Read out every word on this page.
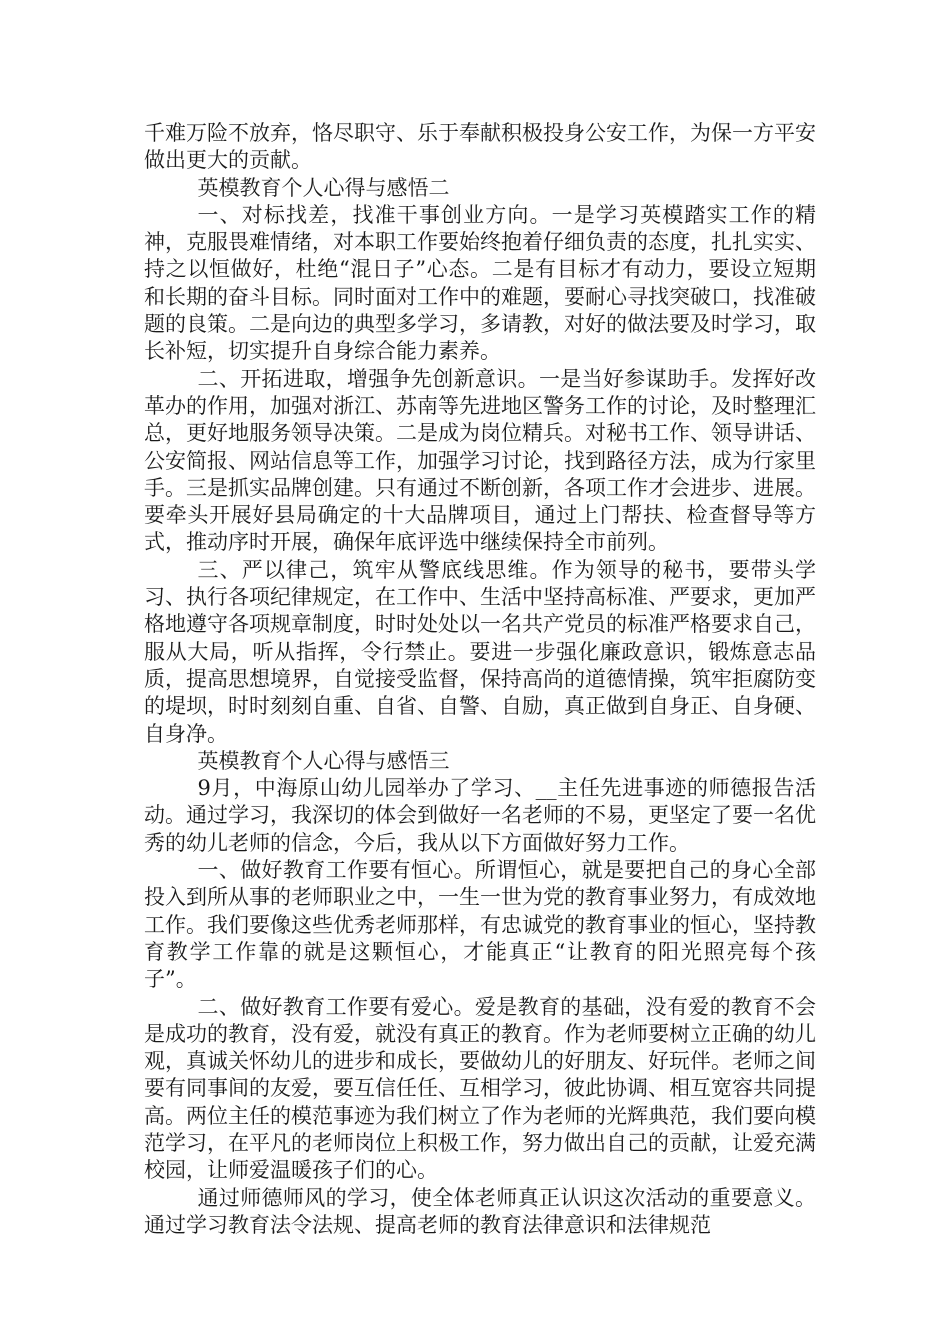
千难万险不放弃，恪尽职守、乐于奉献积极投身公安工作，为保一方平安做出更大的贡献。

英模教育个人心得与感悟二

一、对标找差，找准干事创业方向。一是学习英模踏实工作的精神，克服畏难情绪，对本职工作要始终抱着仔细负责的态度，扎扎实实、持之以恒做好，杜绝“混日子”心态。二是有目标才有动力，要设立短期和长期的奋斗目标。同时面对工作中的难题，要耐心寻找突破口，找准破题的良策。二是向边的典型多学习，多请教，对好的做法要及时学习，取长补短，切实提升自身综合能力素养。

二、开拓进取，增强争先创新意识。一是当好参谋助手。发挥好改革办的作用，加强对浙江、苏南等先进地区警务工作的讨论，及时整理汇总，更好地服务领导决策。二是成为岗位精兵。对秘书工作、领导讲话、公安简报、网站信息等工作，加强学习讨论，找到路径方法，成为行家里手。三是抓实品牌创建。只有通过不断创新，各项工作才会进步、进展。要牵头开展好县局确定的十大品牌项目，通过上门帮扶、检查督导等方式，推动序时开展，确保年底评选中继续保持全市前列。

三、严以律己，筑牢从警底线思维。作为领导的秘书，要带头学习、执行各项纪律规定，在工作中、生活中坚持高标准、严要求，更加严格地遵守各项规章制度，时时处处以一名共产党员的标准严格要求自己，服从大局，听从指挥，令行禁止。要进一步强化廉政意识，锻炼意志品质，提高思想境界，自觉接受监督，保持高尚的道德情操，筑牢拒腐防变的堤坝，时时刻刻自重、自省、自警、自励，真正做到自身正、自身硬、自身净。

英模教育个人心得与感悟三

9月，中海原山幼儿园举办了学习、__主任先进事迹的师德报告活动。通过学习，我深切的体会到做好一名老师的不易，更坚定了要一名优秀的幼儿老师的信念，今后，我从以下方面做好努力工作。

一、做好教育工作要有恒心。所谓恒心，就是要把自己的身心全部投入到所从事的老师职业之中，一生一世为党的教育事业努力，有成效地工作。我们要像这些优秀老师那样，有忠诚党的教育事业的恒心，坚持教育教学工作靠的就是这颗恒心，才能真正“让教育的阳光照亮每个孩子”。

二、做好教育工作要有爱心。爱是教育的基础，没有爱的教育不会是成功的教育，没有爱，就没有真正的教育。作为老师要树立正确的幼儿观，真诚关怀幼儿的进步和成长，要做幼儿的好朋友、好玩伴。老师之间要有同事间的友爱，要互信任任、互相学习，彼此协调、相互宽容共同提高。两位主任的模范事迹为我们树立了作为老师的光辉典范，我们要向模范学习，在平凡的老师岗位上积极工作，努力做出自己的贡献，让爱充满校园，让师爱温暖孩子们的心。

通过师德师风的学习，使全体老师真正认识这次活动的重要意义。通过学习教育法令法规、提高老师的教育法律意识和法律规范
